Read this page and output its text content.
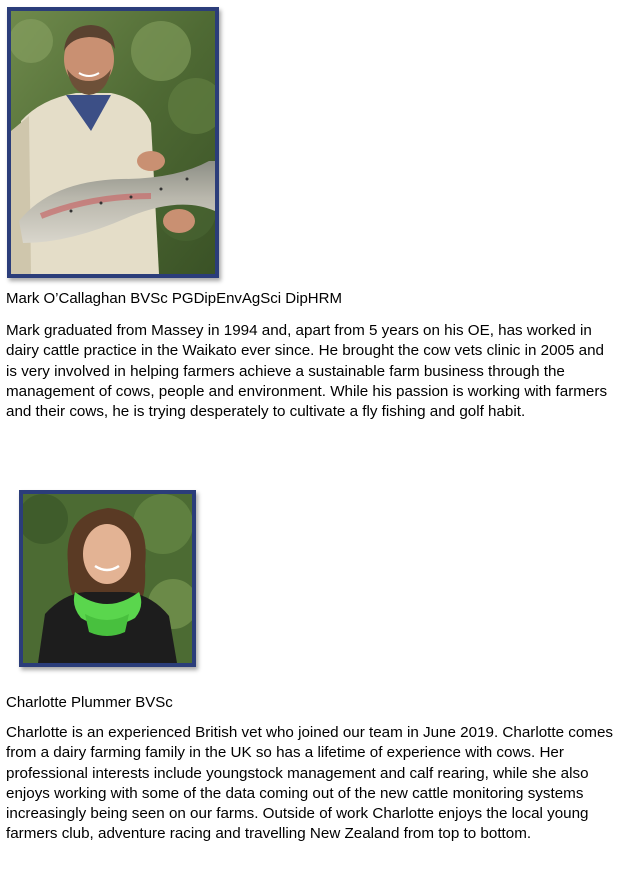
Mark O’Callaghan BVSc PGDipEnvAgSci DipHRM

Mark graduated from Massey in 1994 and, apart from 5 years on his OE, has worked in dairy cattle practice in the Waikato ever since. He brought the cow vets clinic in 2005 and is very involved in helping farmers achieve a sustainable farm business through the management of cows, people and environment. While his passion is working with farmers and their cows, he is trying desperately to cultivate a fly fishing and golf habit.

Charlotte Plummer BVSc

Charlotte is an experienced British vet who joined our team in June 2019. Charlotte comes from a dairy farming family in the UK so has a lifetime of experience with cows. Her professional interests include youngstock management and calf rearing, while she also enjoys working with some of the data coming out of the new cattle monitoring systems increasingly being seen on our farms. Outside of work Charlotte enjoys the local young farmers club, adventure racing and travelling New Zealand from top to bottom.
